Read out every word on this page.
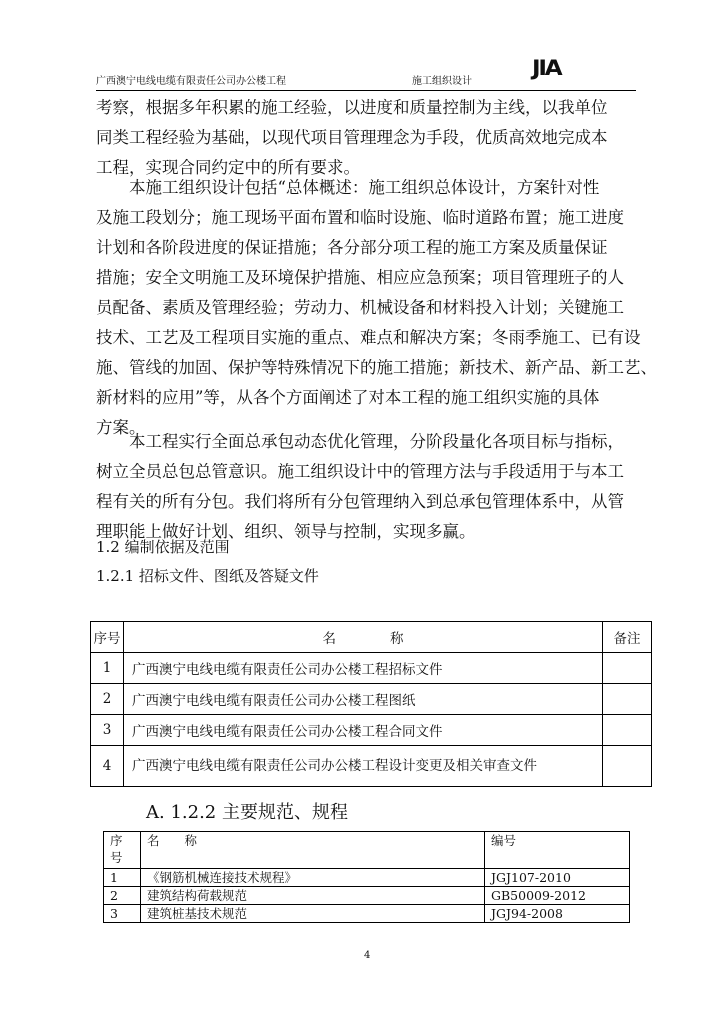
广西澳宁电线电缆有限责任公司办公楼工程	施工组织设计
JIA
考察，根据多年积累的施工经验，以进度和质量控制为主线，以我单位
同类工程经验为基础，以现代项目管理理念为手段，优质高效地完成本
工程，实现合同约定中的所有要求。
本施工组织设计包括“总体概述：施工组织总体设计，方案针对性
及施工段划分；施工现场平面布置和临时设施、临时道路布置；施工进度
计划和各阶段进度的保证措施；各分部分项工程的施工方案及质量保证
措施；安全文明施工及环境保护措施、相应应急预案；项目管理班子的人
员配备、素质及管理经验；劳动力、机械设备和材料投入计划；关键施工
技术、工艺及工程项目实施的重点、难点和解决方案；冬雨季施工、已有设
施、管线的加固、保护等特殊情况下的施工措施；新技术、新产品、新工艺、
新材料的应用”等，从各个方面阐述了对本工程的施工组织实施的具体
方案。
本工程实行全面总承包动态优化管理，分阶段量化各项目标与指标，
树立全员总包总管意识。施工组织设计中的管理方法与手段适用于与本工
程有关的所有分包。我们将所有分包管理纳入到总承包管理体系中，从管
理职能上做好计划、组织、领导与控制，实现多赢。
1.2 编制依据及范围
1.2.1 招标文件、图纸及答疑文件
序号	名　　　　称	备注
1	广西澳宁电线电缆有限责任公司办公楼工程招标文件	
2	广西澳宁电线电缆有限责任公司办公楼工程图纸	
3	广西澳宁电线电缆有限责任公司办公楼工程合同文件	
4	广西澳宁电线电缆有限责任公司办公楼工程设计变更及相关审查文件	
A. 1.2.2 主要规范、规程
序号	名　　称	编号
1	《钢筋机械连接技术规程》	JGJ107-2010
2	建筑结构荷载规范	GB50009-2012
3	建筑桩基技术规范	JGJ94-2008
4
